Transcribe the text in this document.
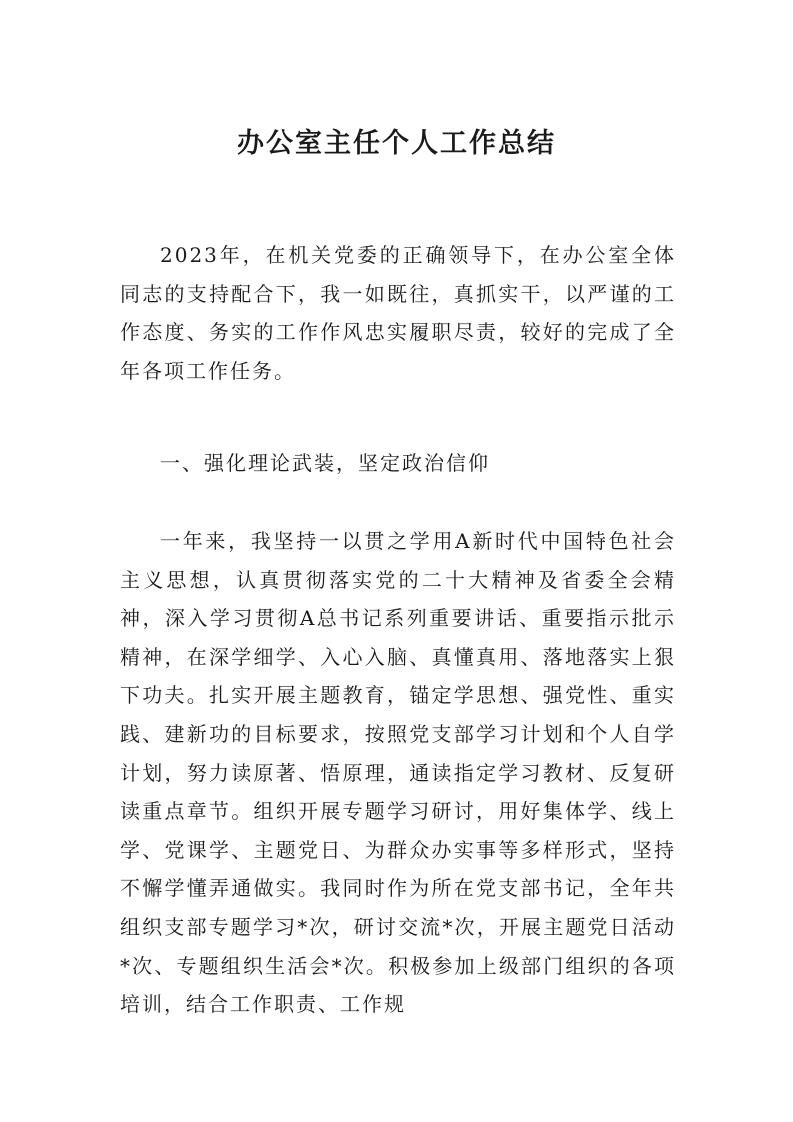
办公室主任个人工作总结

2023年，在机关党委的正确领导下，在办公室全体同志的支持配合下，我一如既往，真抓实干，以严谨的工作态度、务实的工作作风忠实履职尽责，较好的完成了全年各项工作任务。

一、强化理论武装，坚定政治信仰

一年来，我坚持一以贯之学用A新时代中国特色社会主义思想，认真贯彻落实党的二十大精神及省委全会精神，深入学习贯彻A总书记系列重要讲话、重要指示批示精神，在深学细学、入心入脑、真懂真用、落地落实上狠下功夫。扎实开展主题教育，锚定学思想、强党性、重实践、建新功的目标要求，按照党支部学习计划和个人自学计划，努力读原著、悟原理，通读指定学习教材、反复研读重点章节。组织开展专题学习研讨，用好集体学、线上学、党课学、主题党日、为群众办实事等多样形式，坚持不懈学懂弄通做实。我同时作为所在党支部书记，全年共组织支部专题学习*次，研讨交流*次，开展主题党日活动*次、专题组织生活会*次。积极参加上级部门组织的各项培训，结合工作职责、工作规
